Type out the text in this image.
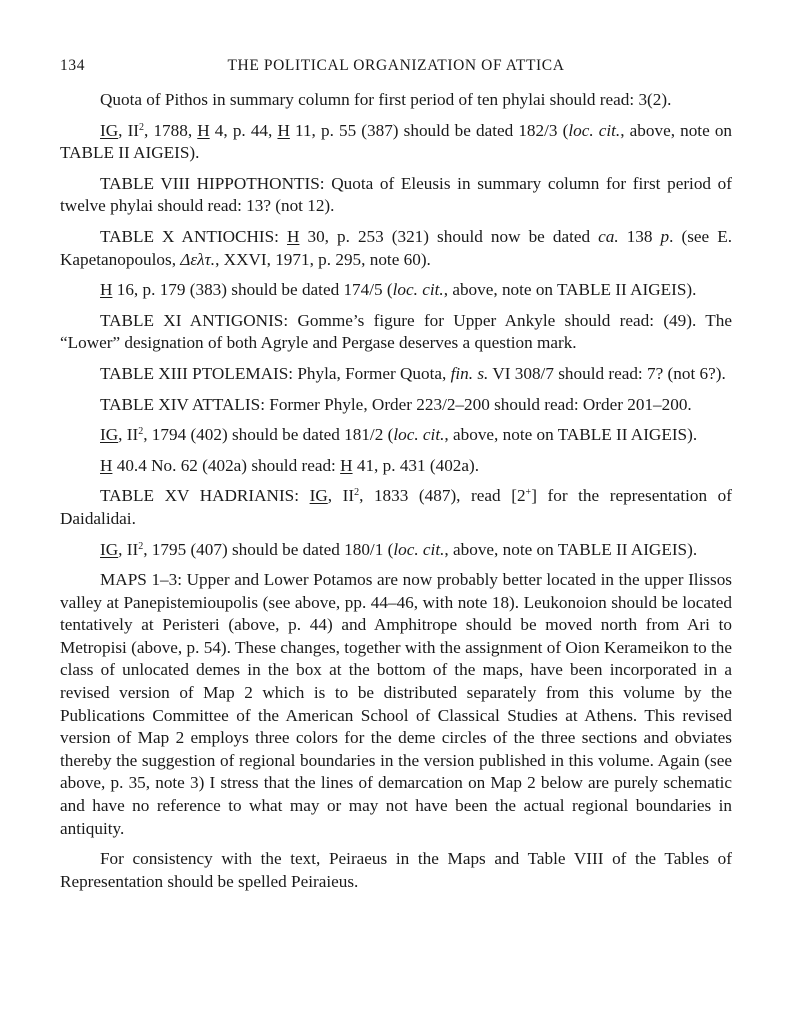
134	THE POLITICAL ORGANIZATION OF ATTICA

Quota of Pithos in summary column for first period of ten phylai should read: 3(2).

IG, $II^2$, 1788, H 4, p. 44, H 11, p. 55 (387) should be dated 182/3 (loc. cit., above, note on TABLE II AIGEIS).

TABLE VIII HIPPOTHONTIS: Quota of Eleusis in summary column for first period of twelve phylai should read: 13? (not 12).

TABLE X ANTIOCHIS: H 30, p. 253 (321) should now be dated ca. 138 p. (see E. Kapetanopoulos, Δελτ., XXVI, 1971, p. 295, note 60).

H 16, p. 179 (383) should be dated 174/5 (loc. cit., above, note on TABLE II AIGEIS).

TABLE XI ANTIGONIS: Gomme’s figure for Upper Ankyle should read: (49). The “Lower” designation of both Agryle and Pergase deserves a question mark.

TABLE XIII PTOLEMAIS: Phyla, Former Quota, fin. s. VI 308/7 should read: 7? (not 6?).

TABLE XIV ATTALIS: Former Phyle, Order 223/2–200 should read: Order 201–200.

IG, $II^2$, 1794 (402) should be dated 181/2 (loc. cit., above, note on TABLE II AIGEIS).

H 40.4 No. 62 (402a) should read: H 41, p. 431 (402a).

TABLE XV HADRIANIS: IG, $II^2$, 1833 (487), read [2+] for the representation of Daidalidai.

IG, $II^2$, 1795 (407) should be dated 180/1 (loc. cit., above, note on TABLE II AIGEIS).

MAPS 1–3: Upper and Lower Potamos are now probably better located in the upper Ilissos valley at Panepistemioupolis (see above, pp. 44–46, with note 18). Leukonoion should be located tentatively at Peristeri (above, p. 44) and Amphitrope should be moved north from Ari to Metropisi (above, p. 54). These changes, together with the assignment of Oion Kerameikon to the class of unlocated demes in the box at the bottom of the maps, have been incorporated in a revised version of Map 2 which is to be distributed separately from this volume by the Publications Committee of the American School of Classical Studies at Athens. This revised version of Map 2 employs three colors for the deme circles of the three sections and obviates thereby the suggestion of regional boundaries in the version published in this volume. Again (see above, p. 35, note 3) I stress that the lines of demarcation on Map 2 below are purely schematic and have no reference to what may or may not have been the actual regional boundaries in antiquity.

For consistency with the text, Peiraeus in the Maps and Table VIII of the Tables of Representation should be spelled Peiraieus.
